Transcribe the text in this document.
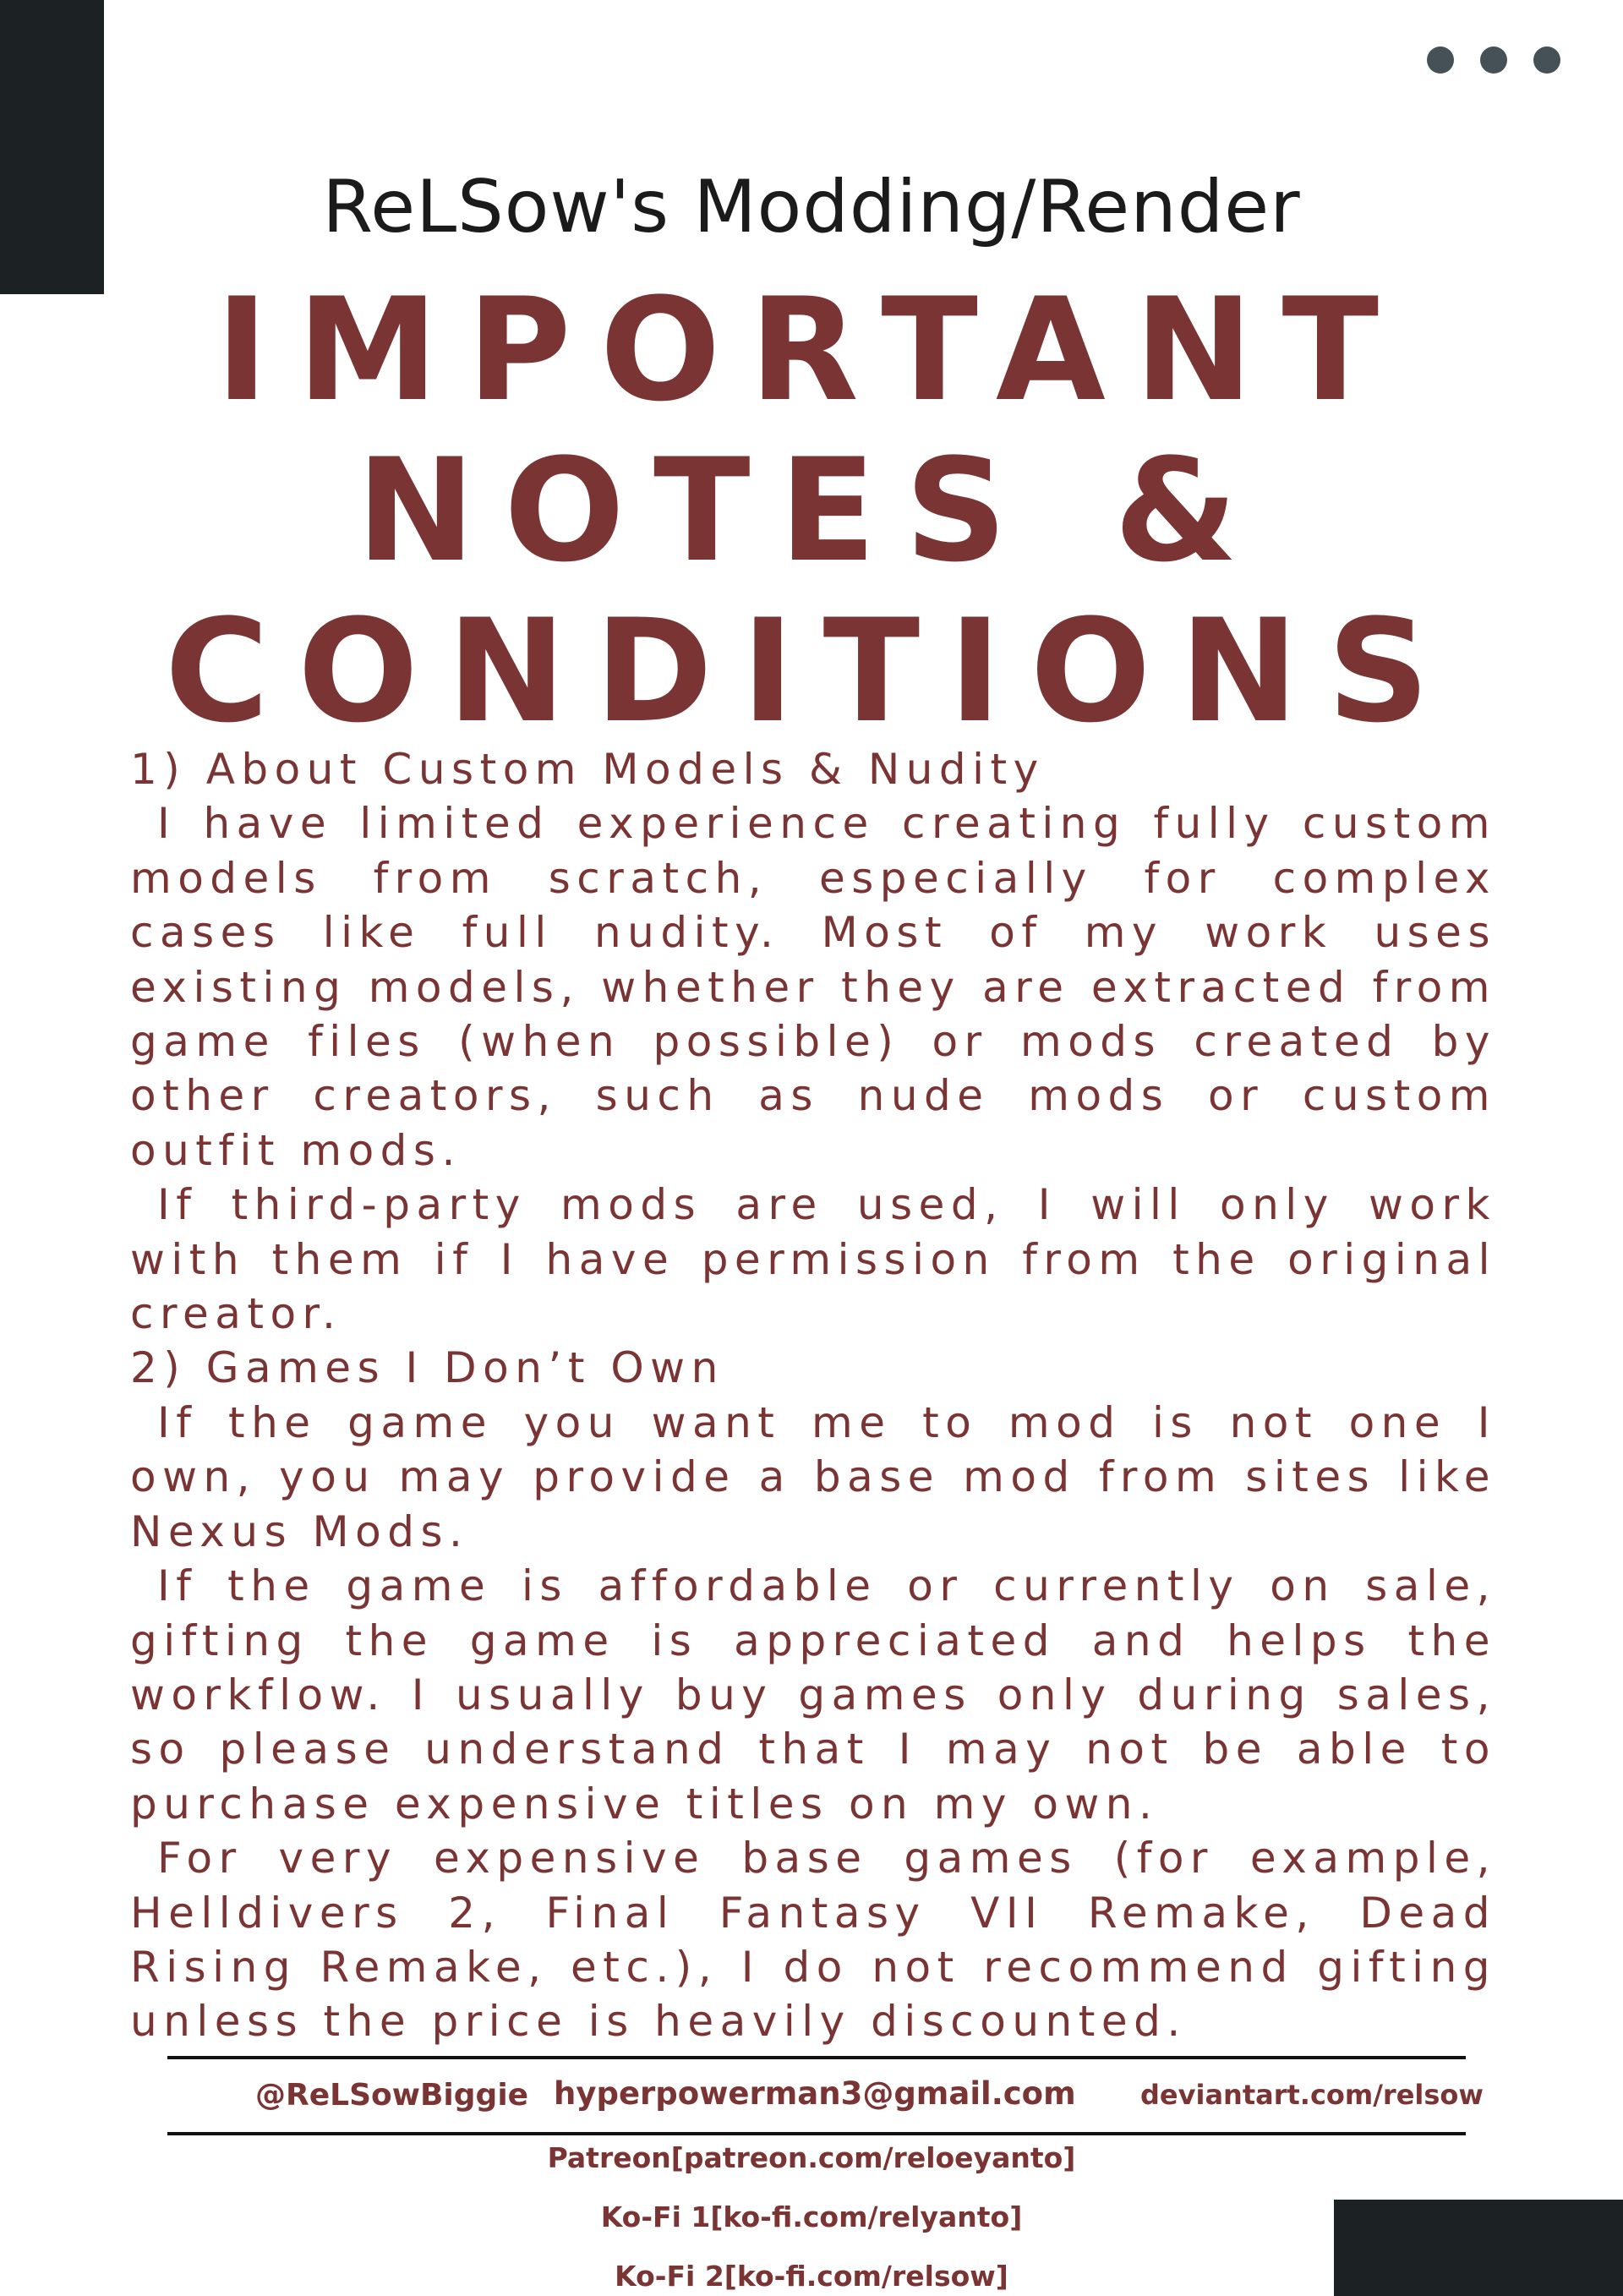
ReLSow's Modding/Render
IMPORTANT
NOTES &
CONDITIONS

1) About Custom Models & Nudity

I have limited experience creating fully custom models from scratch, especially for complex cases like full nudity. Most of my work uses existing models, whether they are extracted from game files (when possible) or mods created by other creators, such as nude mods or custom outfit mods.

If third-party mods are used, I will only work with them if I have permission from the original creator.

2) Games I Don’t Own

If the game you want me to mod is not one I own, you may provide a base mod from sites like Nexus Mods.

If the game is affordable or currently on sale, gifting the game is appreciated and helps the workflow. I usually buy games only during sales, so please understand that I may not be able to purchase expensive titles on my own.

For very expensive base games (for example, Helldivers 2, Final Fantasy VII Remake, Dead Rising Remake, etc.), I do not recommend gifting unless the price is heavily discounted.

@ReLSowBiggie hyperpowerman3@gmail.com deviantart.com/relsow
Patreon[patreon.com/reloeyanto]
Ko-Fi 1[ko-fi.com/relyanto]
Ko-Fi 2[ko-fi.com/relsow]
